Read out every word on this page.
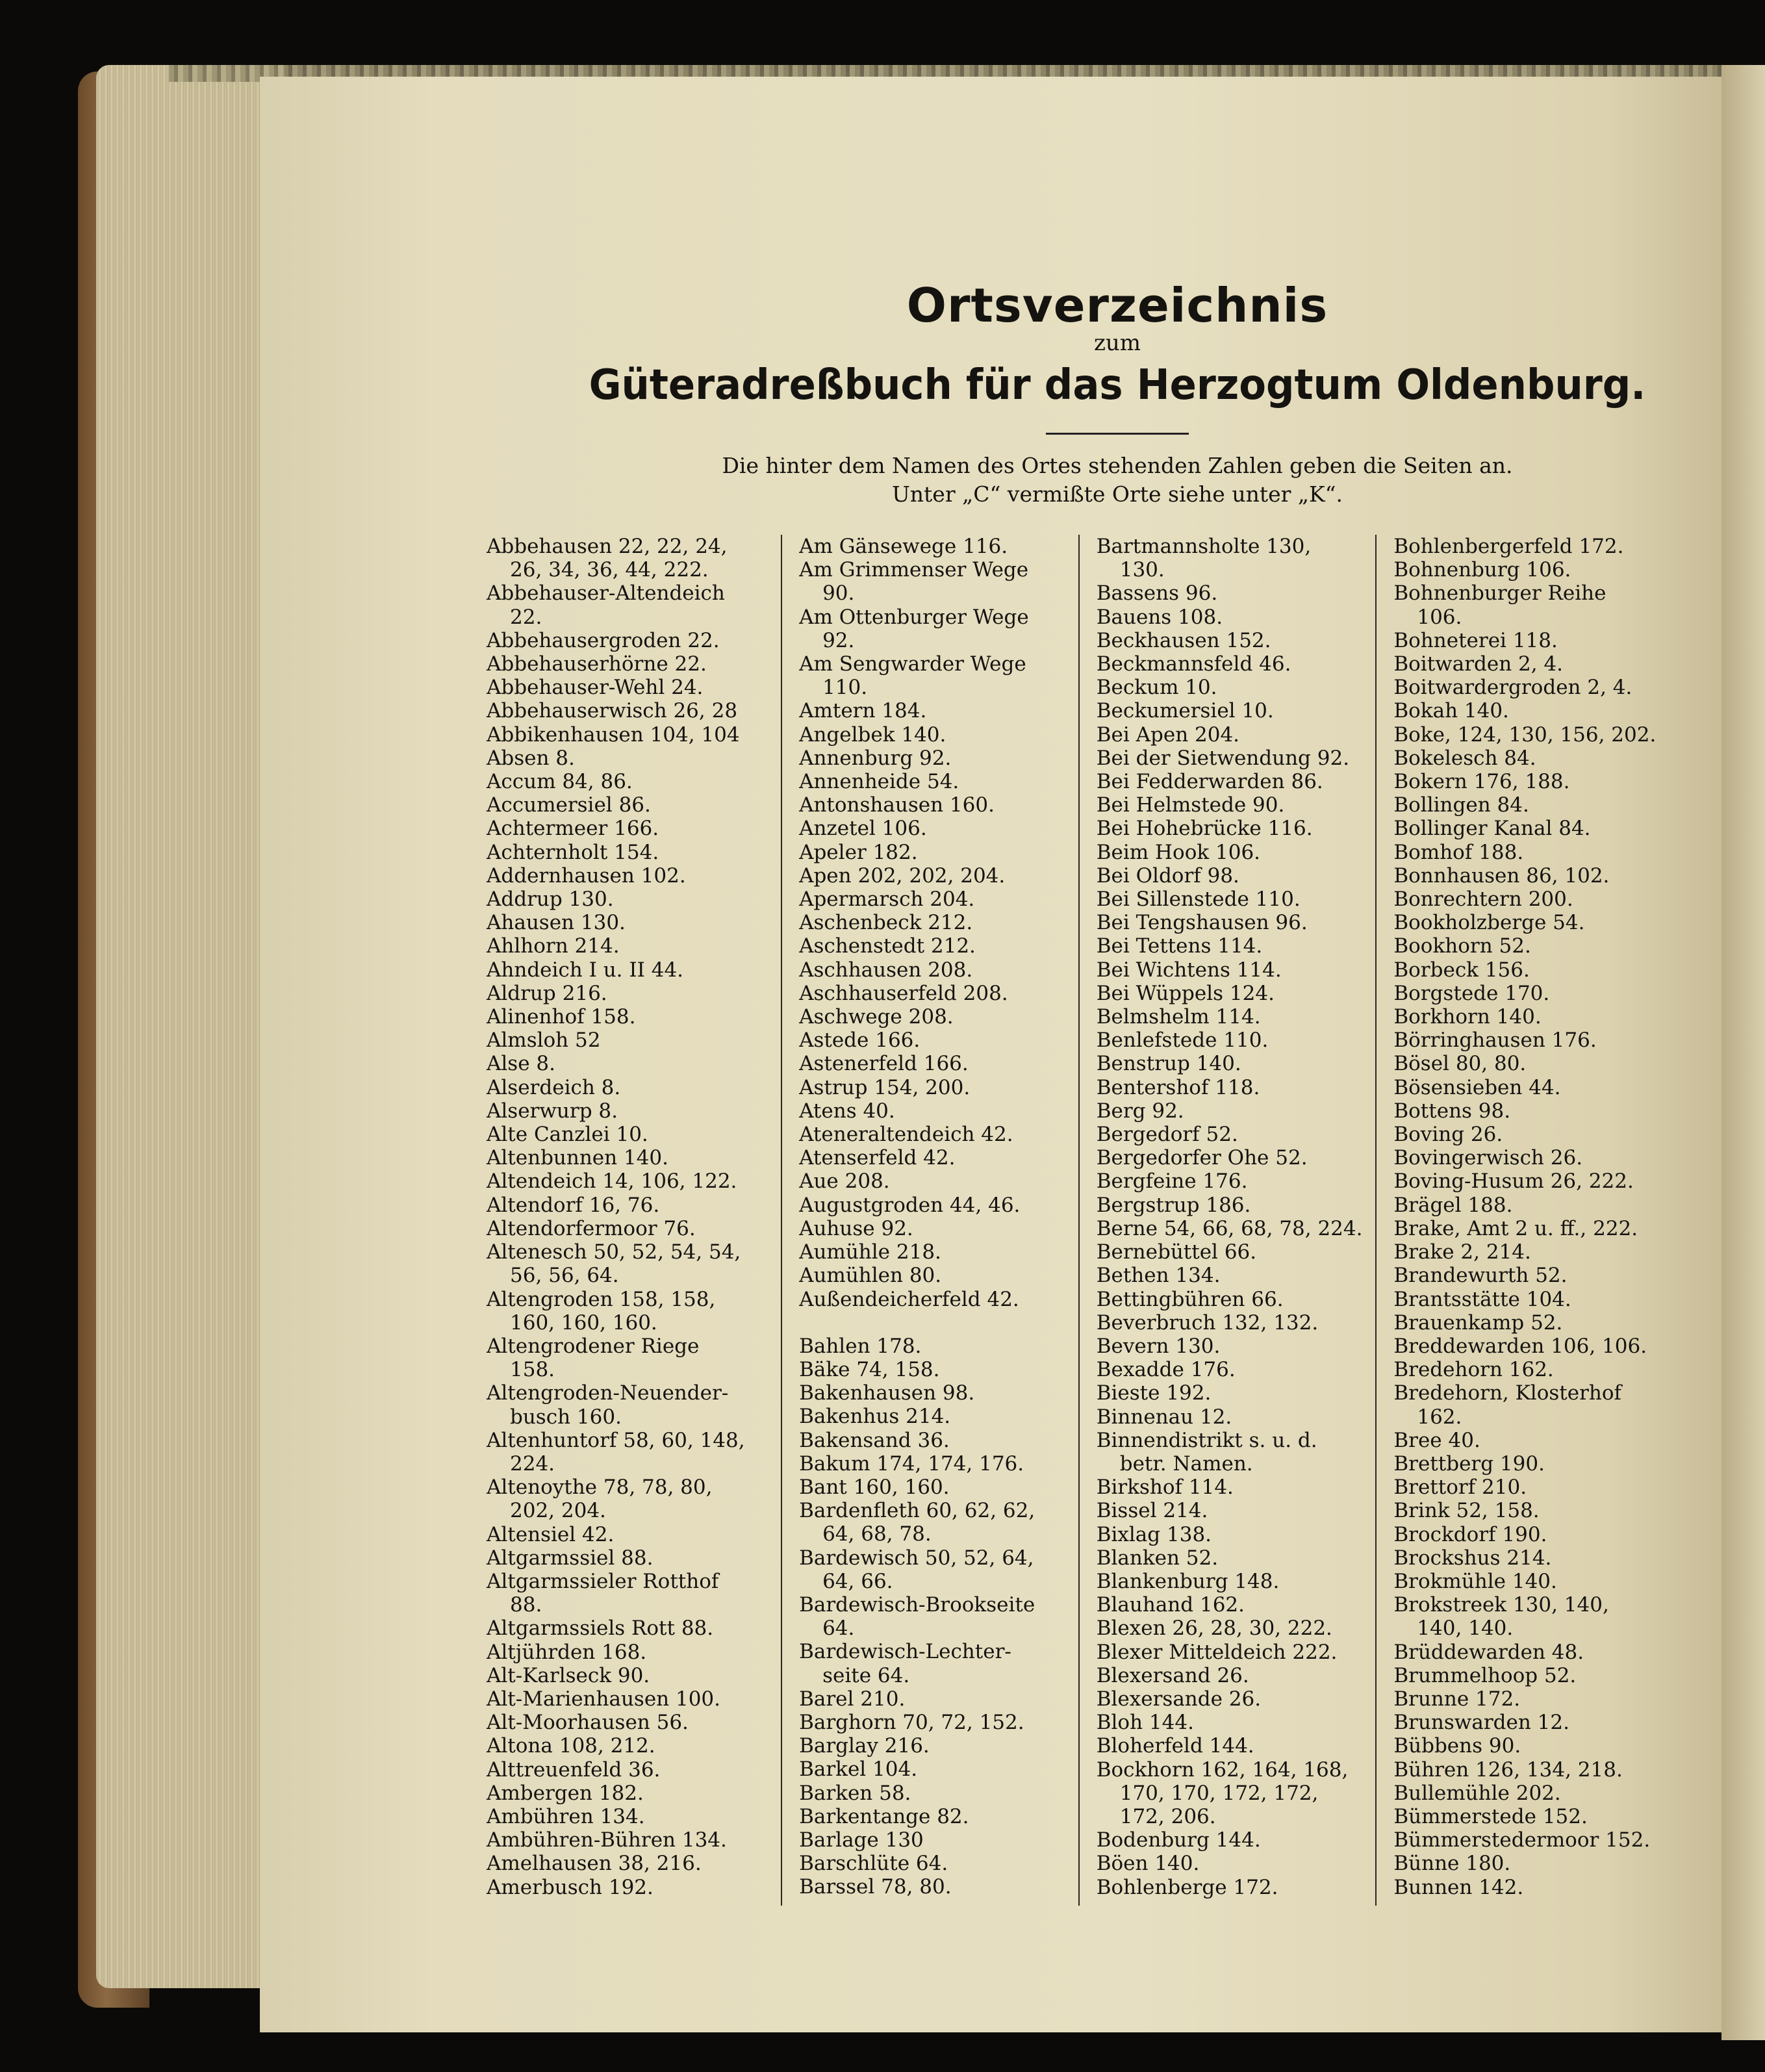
Ortsverzeichnis

zum

Güteradreßbuch für das Herzogtum Oldenburg.

Die hinter dem Namen des Ortes stehenden Zahlen geben die Seiten an.

Unter „C“ vermißte Orte siehe unter „K“.

Abbehausen 22, 22, 24,

26, 34, 36, 44, 222.

Abbehauser-Altendeich

22.

Abbehausergroden 22.

Abbehauserhörne 22.

Abbehauser-Wehl 24.

Abbehauserwisch 26, 28

Abbikenhausen 104, 104

Absen 8.

Accum 84, 86.

Accumersiel 86.

Achtermeer 166.

Achternholt 154.

Addernhausen 102.

Addrup 130.

Ahausen 130.

Ahlhorn 214.

Ahndeich I u. II 44.

Aldrup 216.

Alinenhof 158.

Almsloh 52

Alse 8.

Alserdeich 8.

Alserwurp 8.

Alte Canzlei 10.

Altenbunnen 140.

Altendeich 14, 106, 122.

Altendorf 16, 76.

Altendorfermoor 76.

Altenesch 50, 52, 54, 54,

56, 56, 64.

Altengroden 158, 158,

160, 160, 160.

Altengrodener Riege

158.

Altengroden-Neuender-

busch 160.

Altenhuntorf 58, 60, 148,

224.

Altenoythe 78, 78, 80,

202, 204.

Altensiel 42.

Altgarmssiel 88.

Altgarmssieler Rotthof

88.

Altgarmssiels Rott 88.

Altjührden 168.

Alt-Karlseck 90.

Alt-Marienhausen 100.

Alt-Moorhausen 56.

Altona 108, 212.

Alttreuenfeld 36.

Ambergen 182.

Ambühren 134.

Ambühren-Bühren 134.

Amelhausen 38, 216.

Amerbusch 192.

Am Gänsewege 116.

Am Grimmenser Wege

90.

Am Ottenburger Wege

92.

Am Sengwarder Wege

110.

Amtern 184.

Angelbek 140.

Annenburg 92.

Annenheide 54.

Antonshausen 160.

Anzetel 106.

Apeler 182.

Apen 202, 202, 204.

Apermarsch 204.

Aschenbeck 212.

Aschenstedt 212.

Aschhausen 208.

Aschhauserfeld 208.

Aschwege 208.

Astede 166.

Astenerfeld 166.

Astrup 154, 200.

Atens 40.

Ateneraltendeich 42.

Atenserfeld 42.

Aue 208.

Augustgroden 44, 46.

Auhuse 92.

Aumühle 218.

Aumühlen 80.

Außendeicherfeld 42.

Bahlen 178.

Bäke 74, 158.

Bakenhausen 98.

Bakenhus 214.

Bakensand 36.

Bakum 174, 174, 176.

Bant 160, 160.

Bardenfleth 60, 62, 62,

64, 68, 78.

Bardewisch 50, 52, 64,

64, 66.

Bardewisch-Brookseite

64.

Bardewisch-Lechter-

seite 64.

Barel 210.

Barghorn 70, 72, 152.

Barglay 216.

Barkel 104.

Barken 58.

Barkentange 82.

Barlage 130

Barschlüte 64.

Barssel 78, 80.

Bartmannsholte 130,

130.

Bassens 96.

Bauens 108.

Beckhausen 152.

Beckmannsfeld 46.

Beckum 10.

Beckumersiel 10.

Bei Apen 204.

Bei der Sietwendung 92.

Bei Fedderwarden 86.

Bei Helmstede 90.

Bei Hohebrücke 116.

Beim Hook 106.

Bei Oldorf 98.

Bei Sillenstede 110.

Bei Tengshausen 96.

Bei Tettens 114.

Bei Wichtens 114.

Bei Wüppels 124.

Belmshelm 114.

Benlefstede 110.

Benstrup 140.

Bentershof 118.

Berg 92.

Bergedorf 52.

Bergedorfer Ohe 52.

Bergfeine 176.

Bergstrup 186.

Berne 54, 66, 68, 78, 224.

Bernebüttel 66.

Bethen 134.

Bettingbühren 66.

Beverbruch 132, 132.

Bevern 130.

Bexadde 176.

Bieste 192.

Binnenau 12.

Binnendistrikt s. u. d.

betr. Namen.

Birkshof 114.

Bissel 214.

Bixlag 138.

Blanken 52.

Blankenburg 148.

Blauhand 162.

Blexen 26, 28, 30, 222.

Blexer Mitteldeich 222.

Blexersand 26.

Blexersande 26.

Bloh 144.

Bloherfeld 144.

Bockhorn 162, 164, 168,

170, 170, 172, 172,

172, 206.

Bodenburg 144.

Böen 140.

Bohlenberge 172.

Bohlenbergerfeld 172.

Bohnenburg 106.

Bohnenburger Reihe

106.

Bohneterei 118.

Boitwarden 2, 4.

Boitwardergroden 2, 4.

Bokah 140.

Boke, 124, 130, 156, 202.

Bokelesch 84.

Bokern 176, 188.

Bollingen 84.

Bollinger Kanal 84.

Bomhof 188.

Bonnhausen 86, 102.

Bonrechtern 200.

Bookholzberge 54.

Bookhorn 52.

Borbeck 156.

Borgstede 170.

Borkhorn 140.

Börringhausen 176.

Bösel 80, 80.

Bösensieben 44.

Bottens 98.

Boving 26.

Bovingerwisch 26.

Boving-Husum 26, 222.

Brägel 188.

Brake, Amt 2 u. ff., 222.

Brake 2, 214.

Brandewurth 52.

Brantsstätte 104.

Brauenkamp 52.

Breddewarden 106, 106.

Bredehorn 162.

Bredehorn, Klosterhof

162.

Bree 40.

Brettberg 190.

Brettorf 210.

Brink 52, 158.

Brockdorf 190.

Brockshus 214.

Brokmühle 140.

Brokstreek 130, 140,

140, 140.

Brüddewarden 48.

Brummelhoop 52.

Brunne 172.

Brunswarden 12.

Bübbens 90.

Bühren 126, 134, 218.

Bullemühle 202.

Bümmerstede 152.

Bümmerstedermoor 152.

Bünne 180.

Bunnen 142.
